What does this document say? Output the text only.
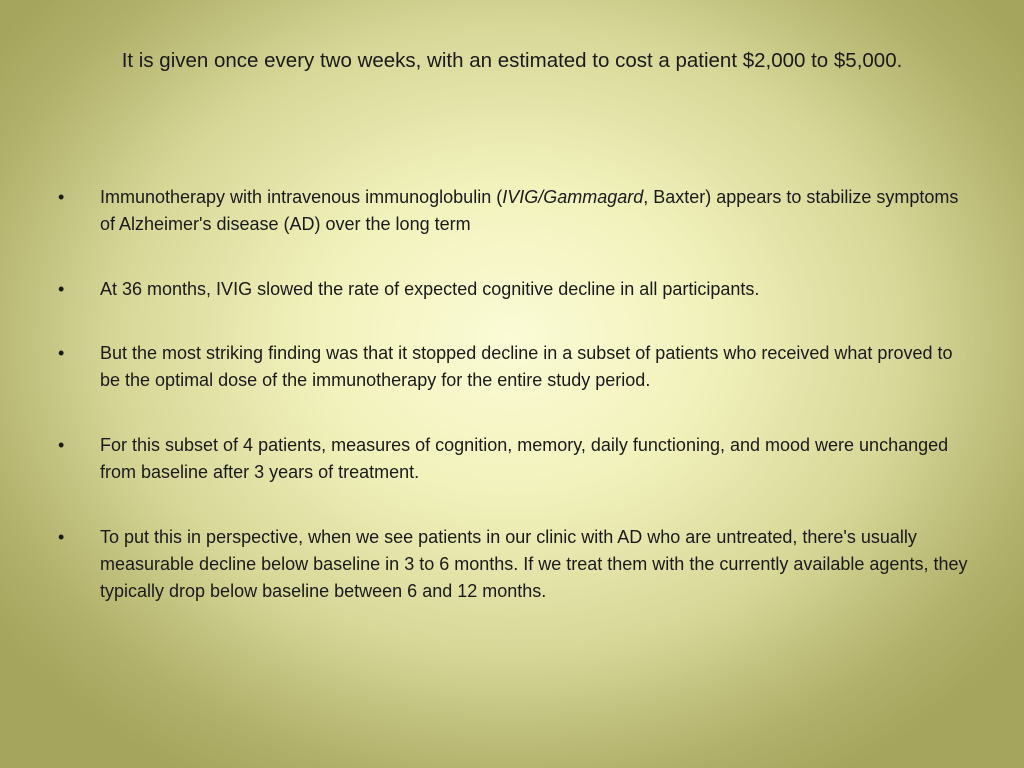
It is given once every two weeks, with an estimated to cost a patient $2,000 to $5,000.
•	Immunotherapy with intravenous immunoglobulin (IVIG/Gammagard, Baxter) appears to stabilize symptoms of Alzheimer's disease (AD) over the long term
•	At 36 months, IVIG slowed the rate of expected cognitive decline in all participants.
•	But the most striking finding was that it stopped decline in a subset of patients who received what proved to be the optimal dose of the immunotherapy for the entire study period.
•	For this subset of 4 patients, measures of cognition, memory, daily functioning, and mood were unchanged from baseline after 3 years of treatment.
•	To put this in perspective, when we see patients in our clinic with AD who are untreated, there's usually measurable decline below baseline in 3 to 6 months. If we treat them with the currently available agents, they typically drop below baseline between 6 and 12 months.
